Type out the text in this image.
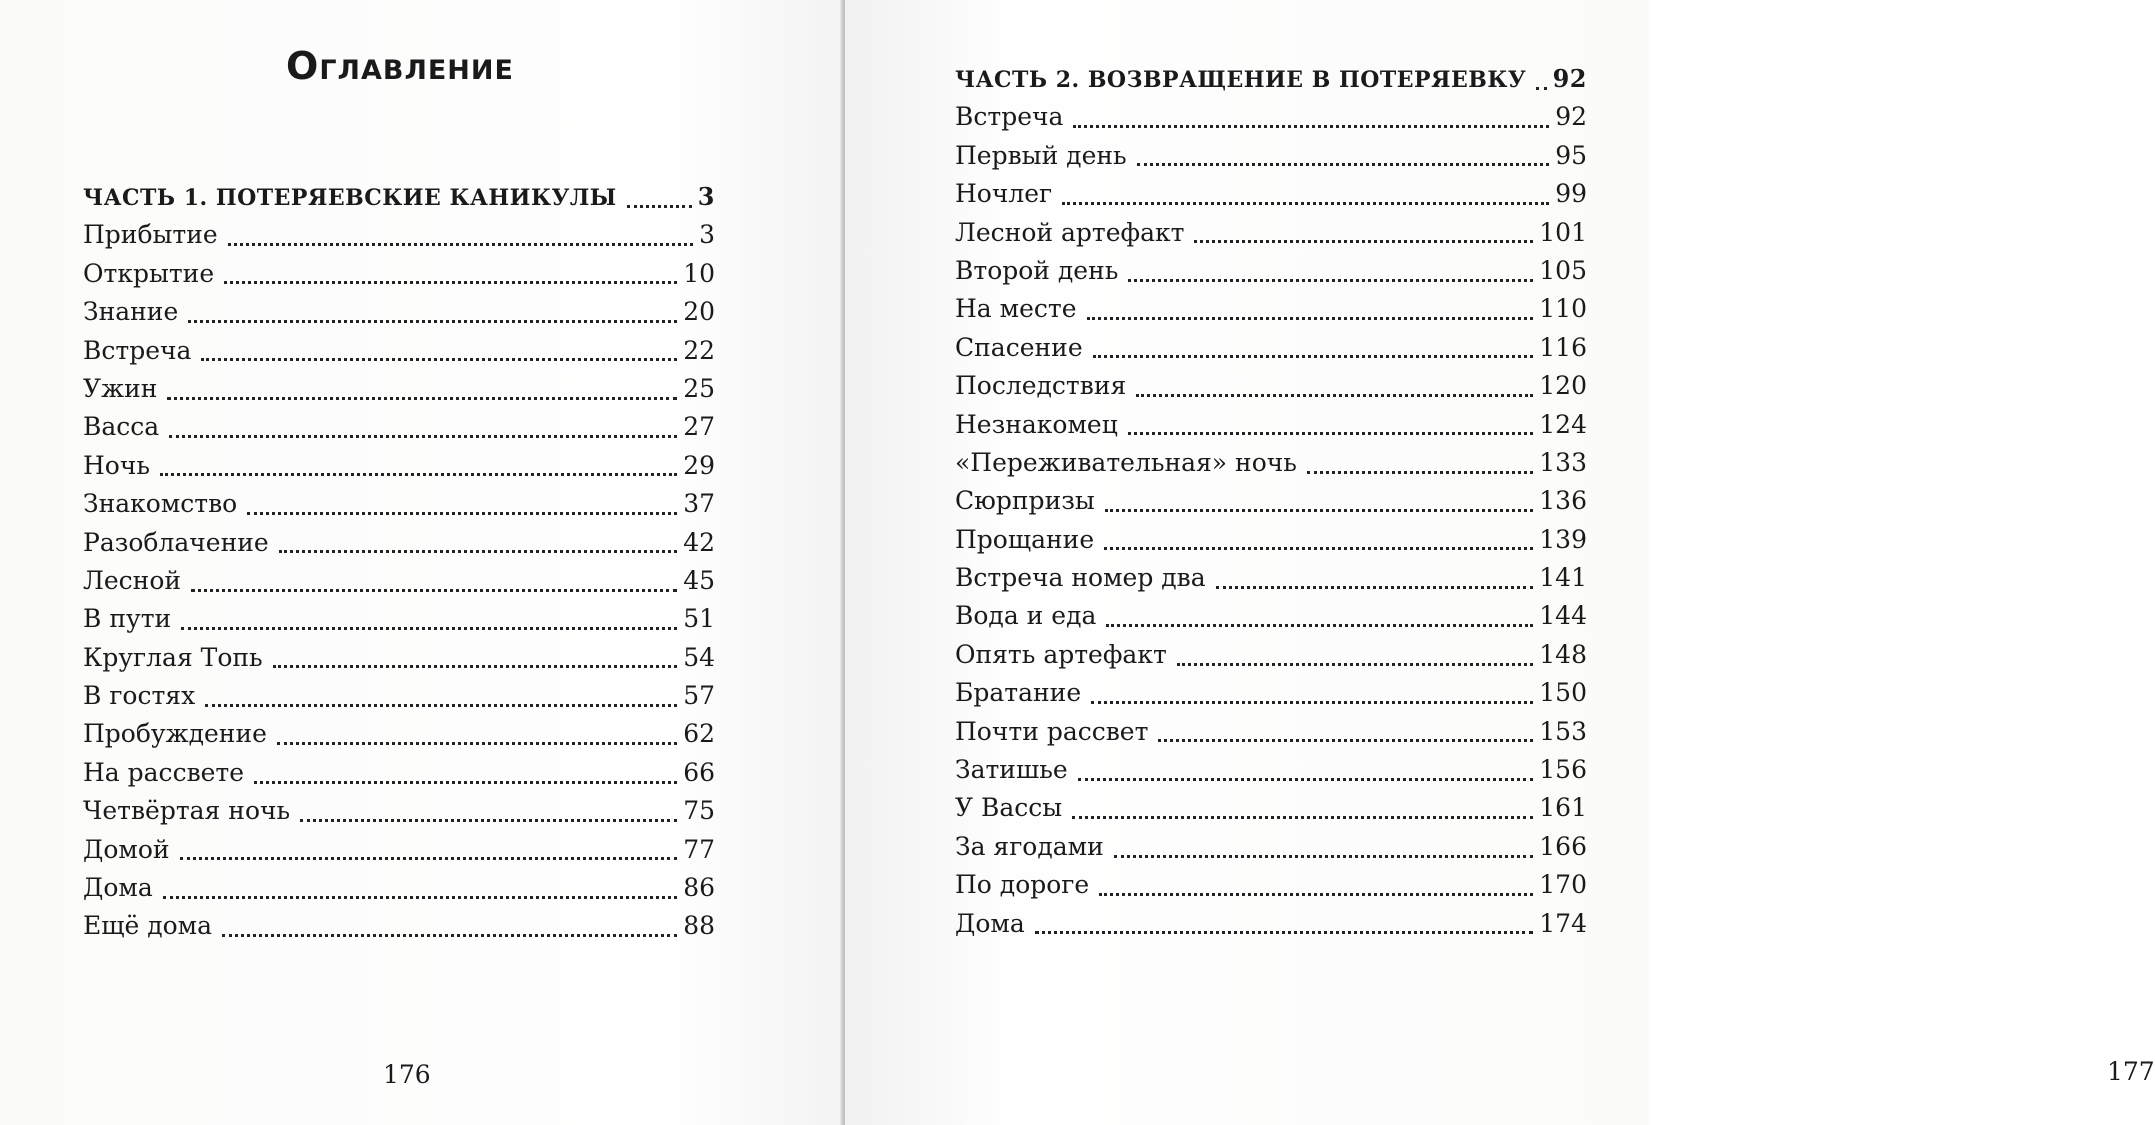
Оглавление
ЧАСТЬ 1. ПОТЕРЯЕВСКИЕ КАНИКУЛЫ	3
Прибытие	3
Открытие	10
Знание	20
Встреча	22
Ужин	25
Васса	27
Ночь	29
Знакомство	37
Разоблачение	42
Лесной	45
В пути	51
Круглая Топь	54
В гостях	57
Пробуждение	62
На рассвете	66
Четвёртая ночь	75
Домой	77
Дома	86
Ещё дома	88
176	177
ЧАСТЬ 2. ВОЗВРАЩЕНИЕ В ПОТЕРЯЕВКУ 92
Встреча	92
Первый день	95
Ночлег	99
Лесной артефакт	101
Второй день	105
На месте	110
Спасение	116
Последствия	120
Незнакомец	124
«Переживательная» ночь	133
Сюрпризы	136
Прощание	139
Встреча номер два	141
Вода и еда	144
Опять артефакт	148
Братание	150
Почти рассвет	153
Затишье	156
У Вассы	161
За ягодами	166
По дороге	170
Дома	174
